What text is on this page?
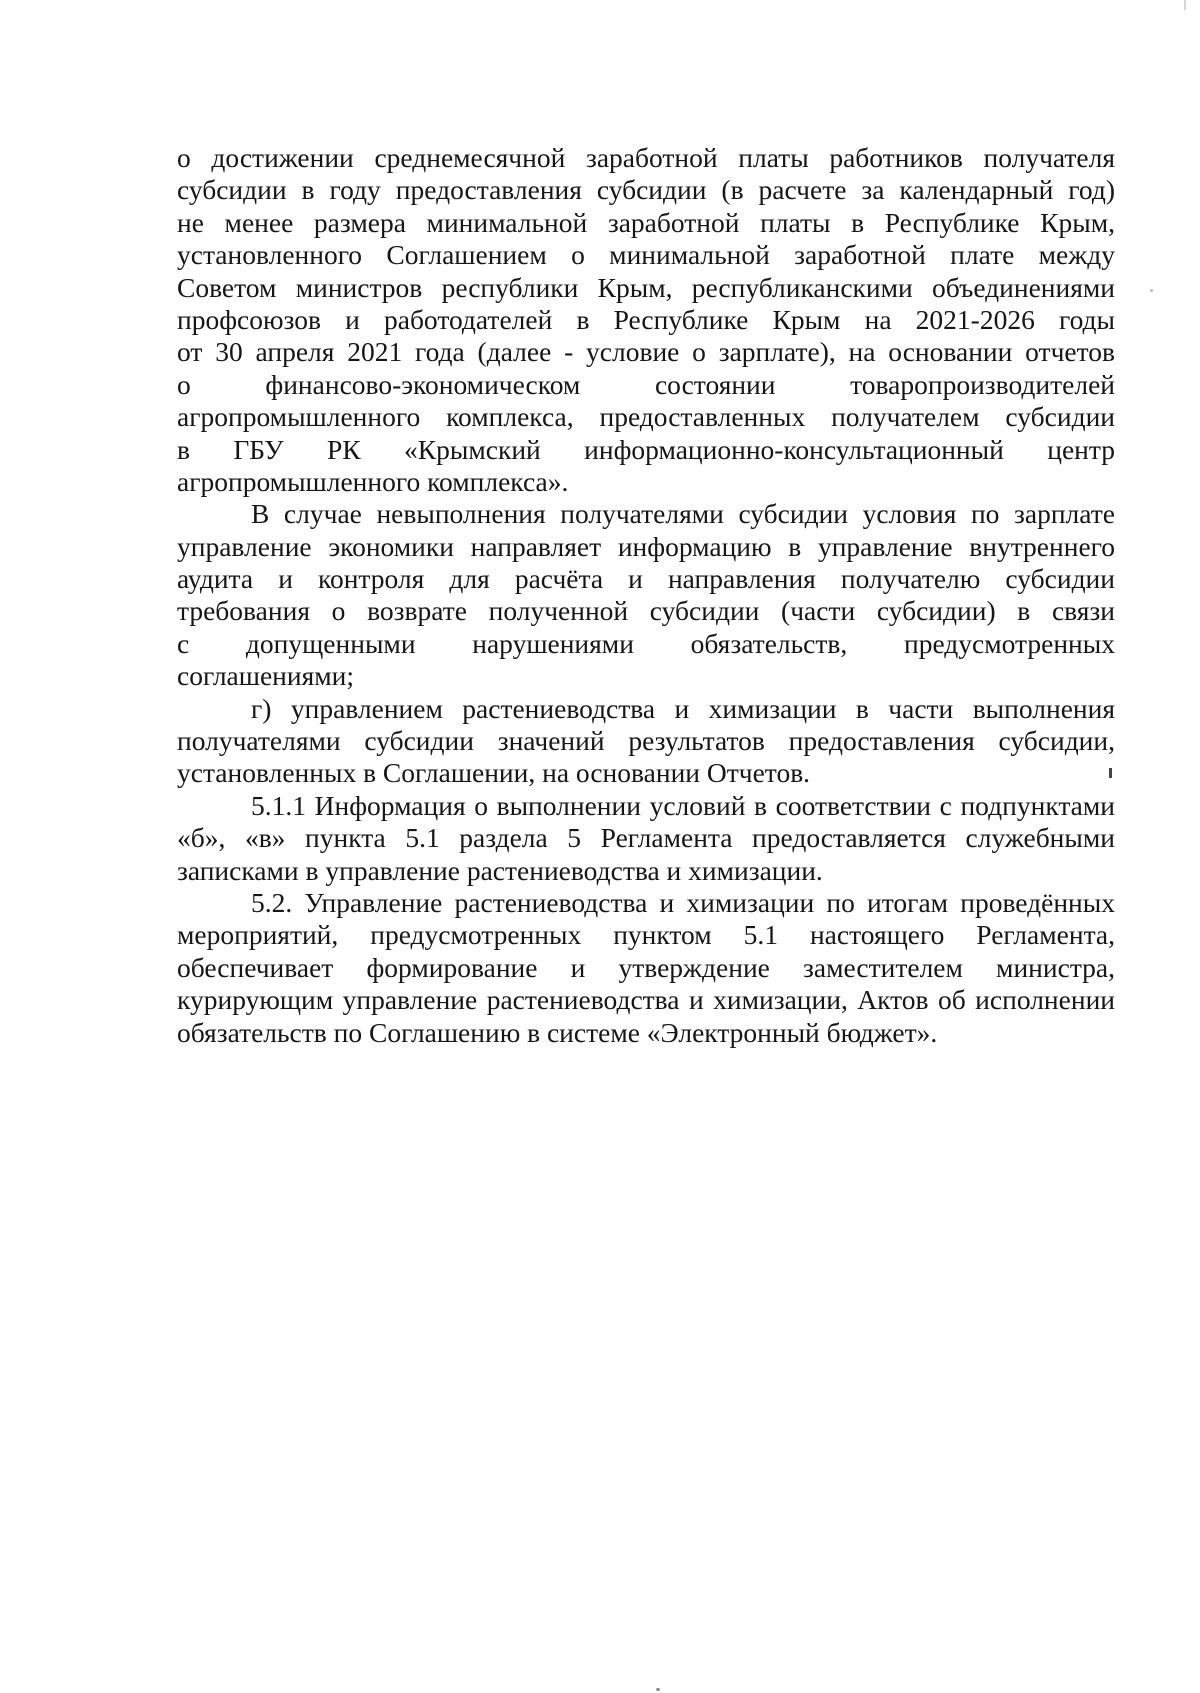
о достижении среднемесячной заработной платы работников получателя
субсидии в году предоставления субсидии (в расчете за календарный год)
не менее размера минимальной заработной платы в Республике Крым,
установленного Соглашением о минимальной заработной плате между
Советом министров республики Крым, республиканскими объединениями
профсоюзов и работодателей в Республике Крым на 2021-2026 годы
от 30 апреля 2021 года (далее - условие о зарплате), на основании отчетов
о финансово-экономическом состоянии товаропроизводителей
агропромышленного комплекса, предоставленных получателем субсидии
в ГБУ РК «Крымский информационно-консультационный центр
агропромышленного комплекса».
В случае невыполнения получателями субсидии условия по зарплате
управление экономики направляет информацию в управление внутреннего
аудита и контроля для расчёта и направления получателю субсидии
требования о возврате полученной субсидии (части субсидии) в связи
с допущенными нарушениями обязательств, предусмотренных
соглашениями;
г) управлением растениеводства и химизации в части выполнения
получателями субсидии значений результатов предоставления субсидии,
установленных в Соглашении, на основании Отчетов.
5.1.1 Информация о выполнении условий в соответствии с подпунктами
«б», «в» пункта 5.1 раздела 5 Регламента предоставляется служебными
записками в управление растениеводства и химизации.
5.2. Управление растениеводства и химизации по итогам проведённых
мероприятий, предусмотренных пунктом 5.1 настоящего Регламента,
обеспечивает формирование и утверждение заместителем министра,
курирующим управление растениеводства и химизации, Актов об исполнении
обязательств по Соглашению в системе «Электронный бюджет».
